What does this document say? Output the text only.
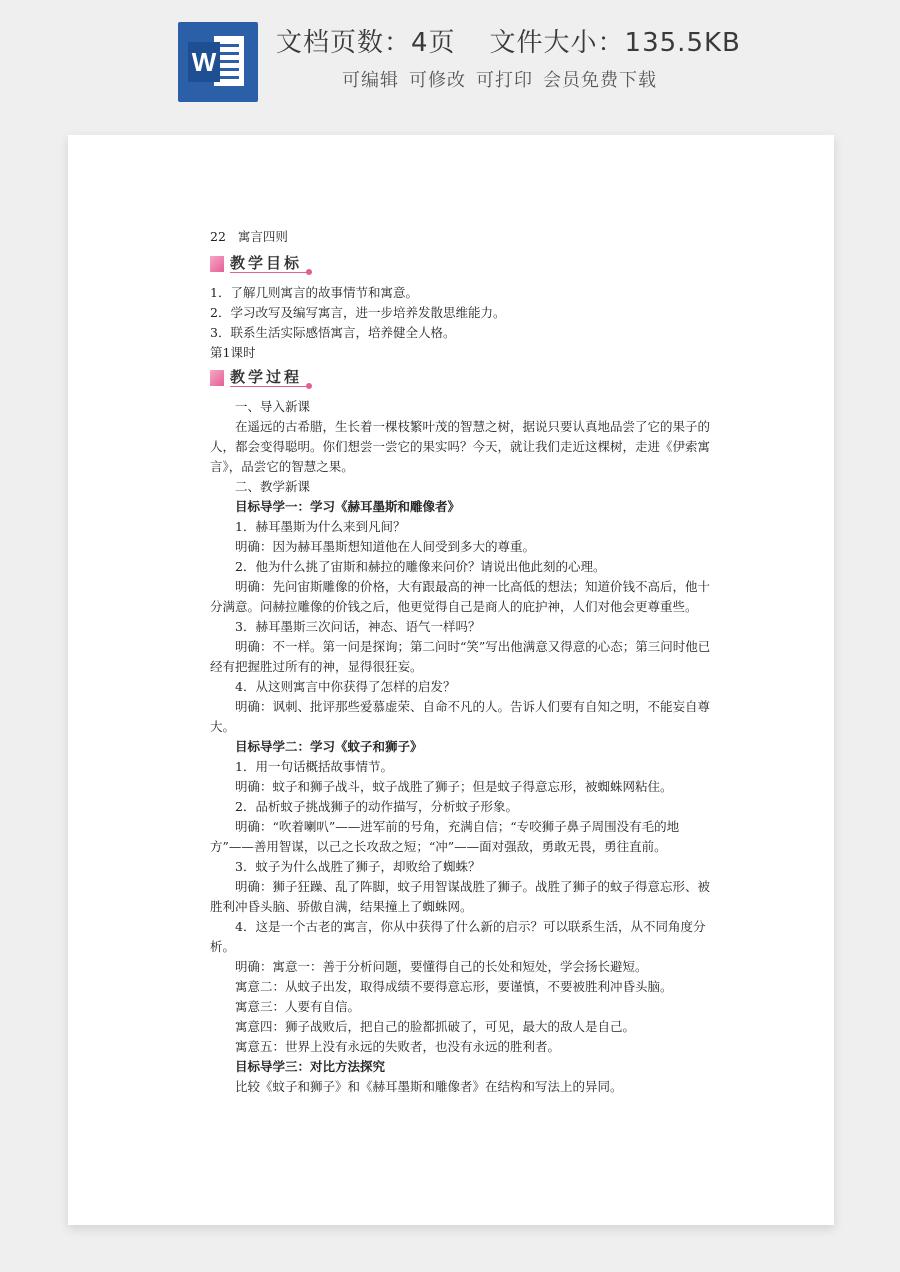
W
文档页数：4页 文件大小：135.5KB
可编辑 可修改 可打印 会员免费下载

22 寓言四则

教学目标

1．了解几则寓言的故事情节和寓意。

2．学习改写及编写寓言，进一步培养发散思维能力。

3．联系生活实际感悟寓言，培养健全人格。

第1课时

教学过程

一、导入新课

在遥远的古希腊，生长着一棵枝繁叶茂的智慧之树，据说只要认真地品尝了它的果子的人，都会变得聪明。你们想尝一尝它的果实吗？今天，就让我们走近这棵树，走进《伊索寓言》，品尝它的智慧之果。

二、教学新课

目标导学一：学习《赫耳墨斯和雕像者》

1．赫耳墨斯为什么来到凡间？

明确：因为赫耳墨斯想知道他在人间受到多大的尊重。

2．他为什么挑了宙斯和赫拉的雕像来问价？请说出他此刻的心理。

明确：先问宙斯雕像的价格，大有跟最高的神一比高低的想法；知道价钱不高后，他十分满意。问赫拉雕像的价钱之后，他更觉得自己是商人的庇护神，人们对他会更尊重些。

3．赫耳墨斯三次问话，神态、语气一样吗？

明确：不一样。第一问是探询；第二问时“笑”写出他满意又得意的心态；第三问时他已经有把握胜过所有的神，显得很狂妄。

4．从这则寓言中你获得了怎样的启发？

明确：讽刺、批评那些爱慕虚荣、自命不凡的人。告诉人们要有自知之明，不能妄自尊大。

目标导学二：学习《蚊子和狮子》

1．用一句话概括故事情节。

明确：蚊子和狮子战斗，蚊子战胜了狮子；但是蚊子得意忘形，被蜘蛛网粘住。

2．品析蚊子挑战狮子的动作描写，分析蚊子形象。

明确：“吹着喇叭”——进军前的号角，充满自信；“专咬狮子鼻子周围没有毛的地方”——善用智谋，以己之长攻敌之短；“冲”——面对强敌，勇敢无畏，勇往直前。

3．蚊子为什么战胜了狮子，却败给了蜘蛛？

明确：狮子狂躁、乱了阵脚，蚊子用智谋战胜了狮子。战胜了狮子的蚊子得意忘形、被胜利冲昏头脑、骄傲自满，结果撞上了蜘蛛网。

4．这是一个古老的寓言，你从中获得了什么新的启示？可以联系生活，从不同角度分析。

明确：寓意一：善于分析问题，要懂得自己的长处和短处，学会扬长避短。

寓意二：从蚊子出发，取得成绩不要得意忘形，要谨慎，不要被胜利冲昏头脑。

寓意三：人要有自信。

寓意四：狮子战败后，把自己的脸都抓破了，可见，最大的敌人是自己。

寓意五：世界上没有永远的失败者，也没有永远的胜利者。

目标导学三：对比方法探究

比较《蚊子和狮子》和《赫耳墨斯和雕像者》在结构和写法上的异同。
